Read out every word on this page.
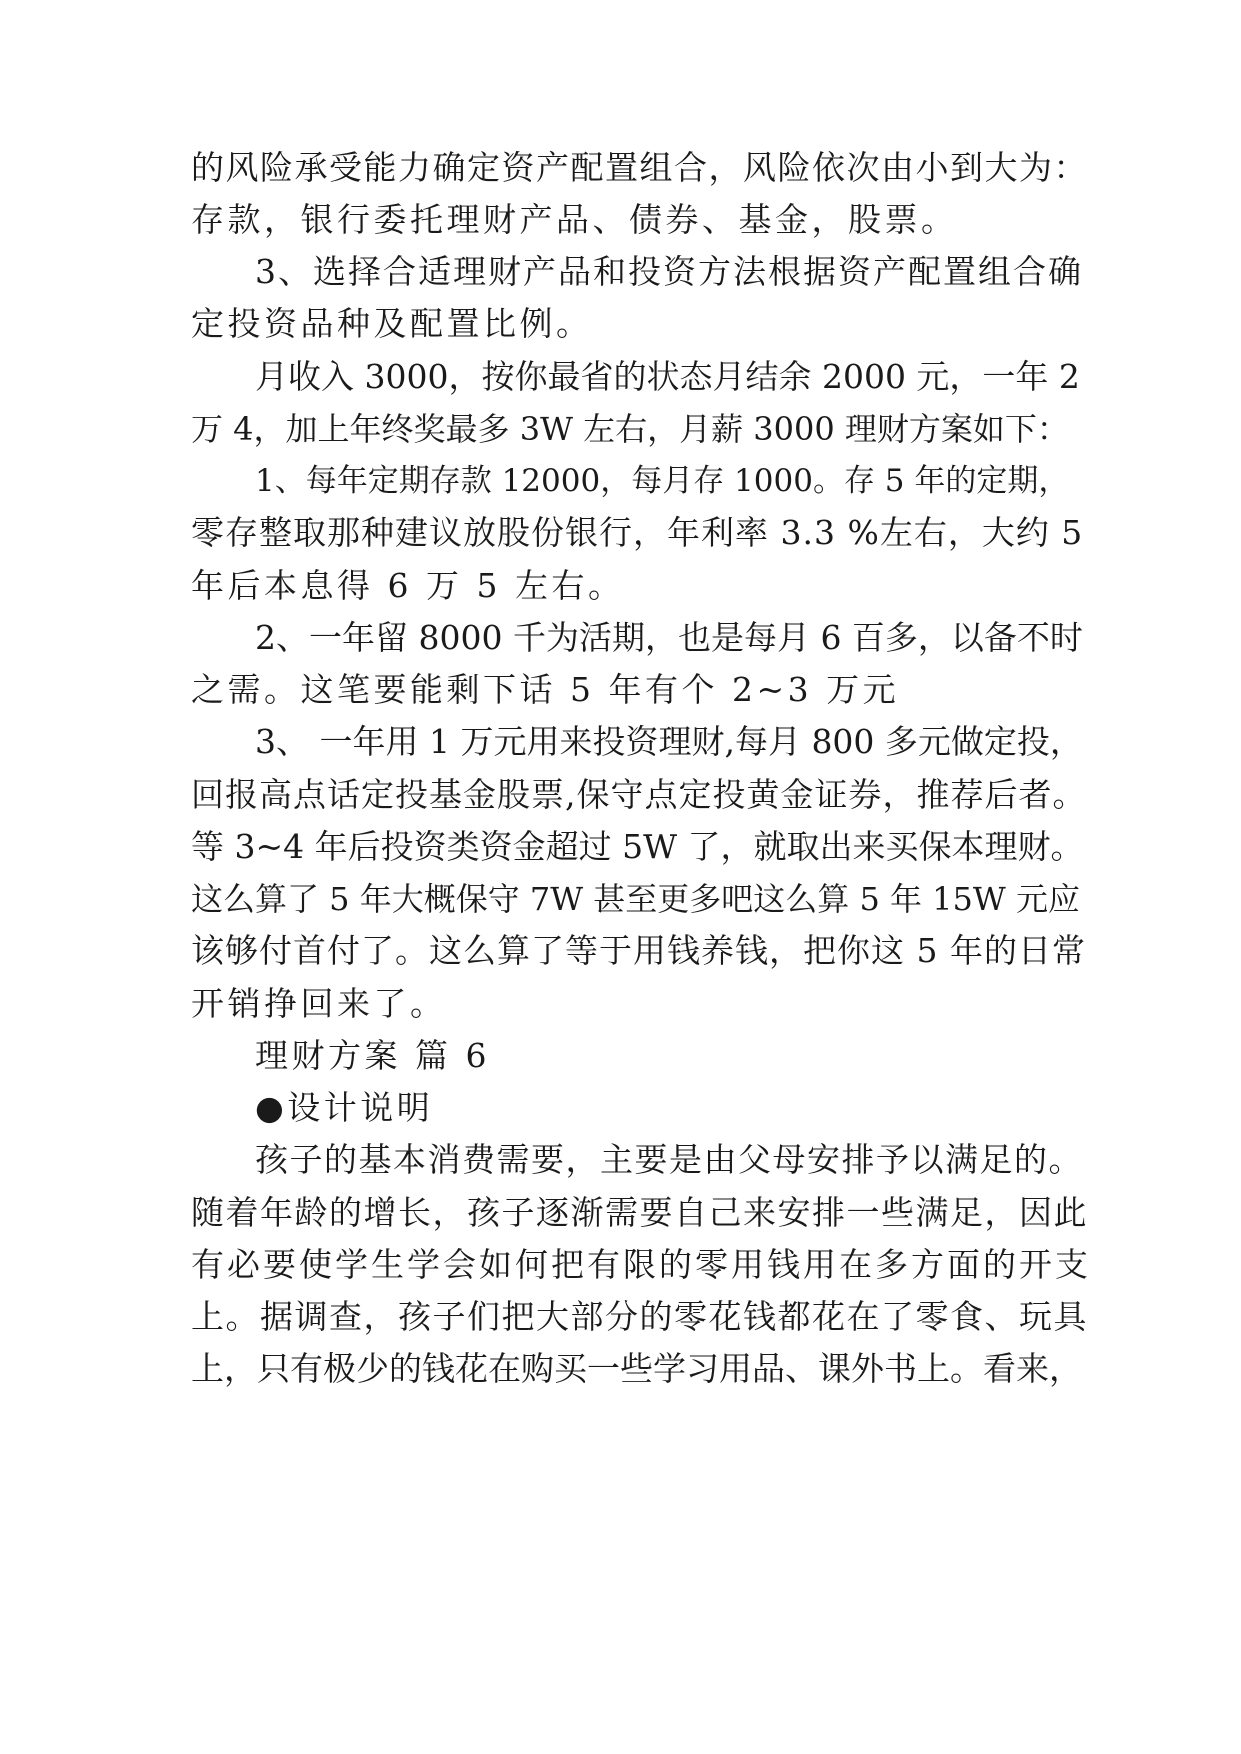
的风险承受能力确定资产配置组合，风险依次由小到大为：
存款，银行委托理财产品、债券、基金，股票。
3、选择合适理财产品和投资方法根据资产配置组合确
定投资品种及配置比例。
月收入 3000，按你最省的状态月结余 2000 元，一年 2
万 4，加上年终奖最多 3W 左右，月薪 3000 理财方案如下：
1、每年定期存款 12000，每月存 1000。存 5 年的定期，
零存整取那种建议放股份银行，年利率 3.3 %左右，大约 5
年后本息得 6 万 5 左右。
2、一年留 8000 千为活期，也是每月 6 百多，以备不时
之需。这笔要能剩下话 5 年有个 2~3 万元
3、 一年用 1 万元用来投资理财,每月 800 多元做定投，
回报高点话定投基金股票,保守点定投黄金证券，推荐后者。
等 3~4 年后投资类资金超过 5W 了，就取出来买保本理财。
这么算了 5 年大概保守 7W 甚至更多吧这么算 5 年 15W 元应
该够付首付了。这么算了等于用钱养钱，把你这 5 年的日常
开销挣回来了。
理财方案 篇 6
●设计说明
孩子的基本消费需要，主要是由父母安排予以满足的。
随着年龄的增长，孩子逐渐需要自己来安排一些满足，因此
有必要使学生学会如何把有限的零用钱用在多方面的开支
上。据调查，孩子们把大部分的零花钱都花在了零食、玩具
上，只有极少的钱花在购买一些学习用品、课外书上。看来，
